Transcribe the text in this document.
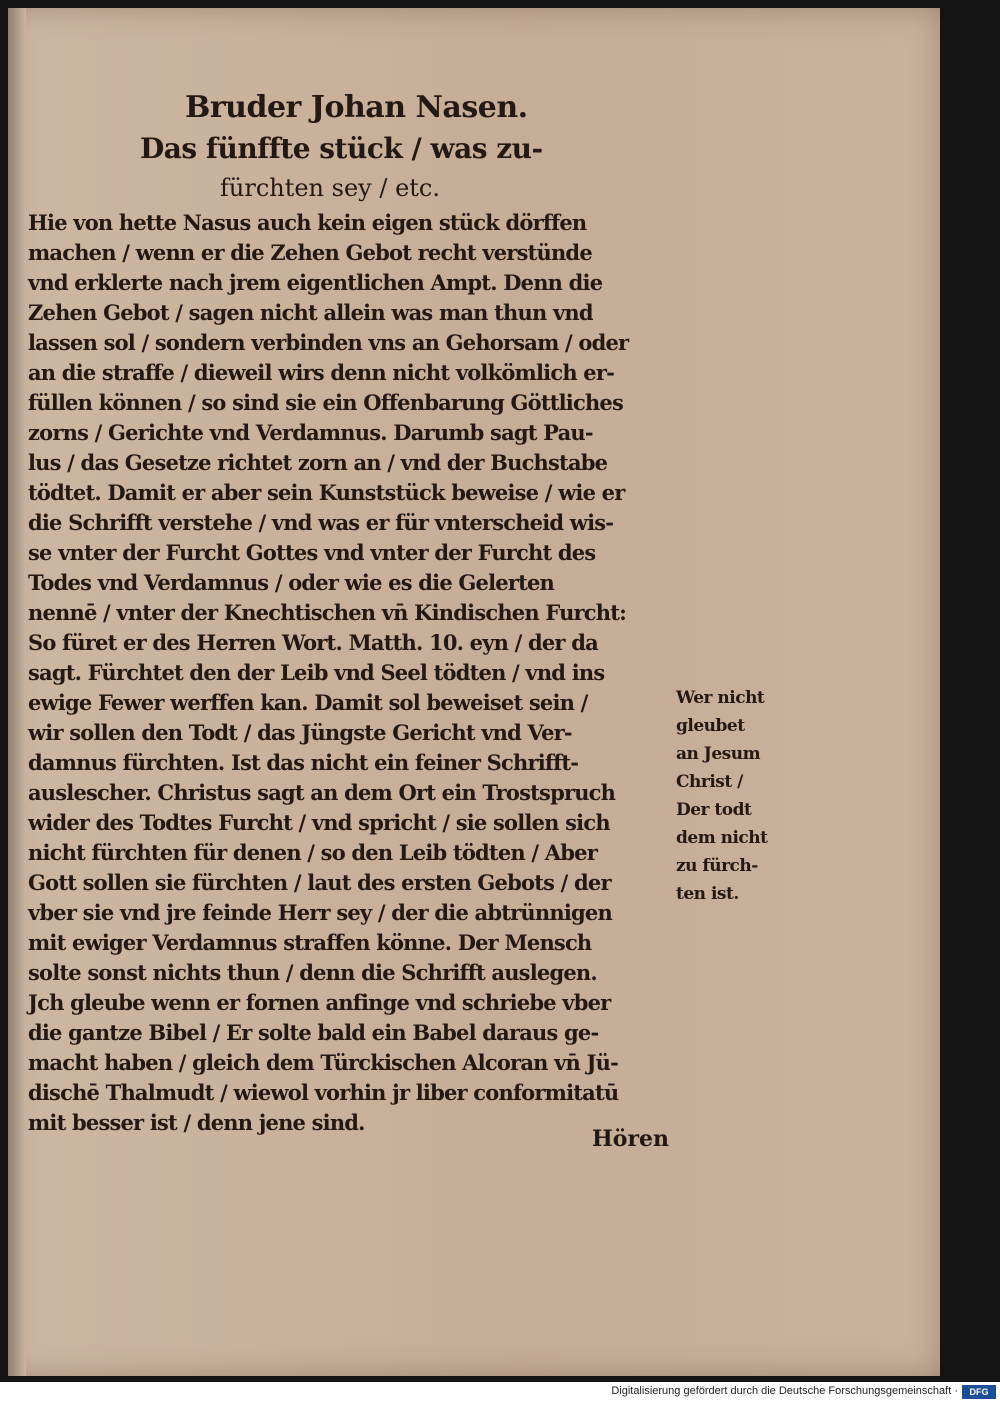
Bruder Johan Nasen.

Das fünffte stück / was zu-

fürchten sey / etc.

Hie von hette Nasus auch kein eigen stück dörffen

machen / wenn er die Zehen Gebot recht verstünde

vnd erklerte nach jrem eigentlichen Ampt. Denn die

Zehen Gebot / sagen nicht allein was man thun vnd

lassen sol / sondern verbinden vns an Gehorsam / oder

an die straffe / dieweil wirs denn nicht volkömlich er-

füllen können / so sind sie ein Offenbarung Göttliches

zorns / Gerichte vnd Verdamnus. Darumb sagt Pau-

lus / das Gesetze richtet zorn an / vnd der Buchstabe

tödtet. Damit er aber sein Kunststück beweise / wie er

die Schrifft verstehe / vnd was er für vnterscheid wis-

se vnter der Furcht Gottes vnd vnter der Furcht des

Todes vnd Verdamnus / oder wie es die Gelerten

nennē / vnter der Knechtischen vn̄ Kindischen Furcht:

So füret er des Herren Wort. Matth. 10. eyn / der da

sagt. Fürchtet den der Leib vnd Seel tödten / vnd ins

ewige Fewer werffen kan. Damit sol beweiset sein /

wir sollen den Todt / das Jüngste Gericht vnd Ver-

damnus fürchten. Ist das nicht ein feiner Schrifft-

auslescher. Christus sagt an dem Ort ein Trostspruch

wider des Todtes Furcht / vnd spricht / sie sollen sich

nicht fürchten für denen / so den Leib tödten / Aber

Gott sollen sie fürchten / laut des ersten Gebots / der

vber sie vnd jre feinde Herr sey / der die abtrünnigen

mit ewiger Verdamnus straffen könne. Der Mensch

solte sonst nichts thun / denn die Schrifft auslegen.

Jch gleube wenn er fornen anfinge vnd schriebe vber

die gantze Bibel / Er solte bald ein Babel daraus ge-

macht haben / gleich dem Türckischen Alcoran vn̄ Jü-

dischē Thalmudt / wiewol vorhin jr liber conformitatū

mit besser ist / denn jene sind.

Wer nicht

gleubet

an Jesum

Christ /

Der todt

dem nicht

zu fürch-

ten ist.

Hören

Digitalisierung gefördert durch die Deutsche Forschungsgemeinschaft ·	DFG
